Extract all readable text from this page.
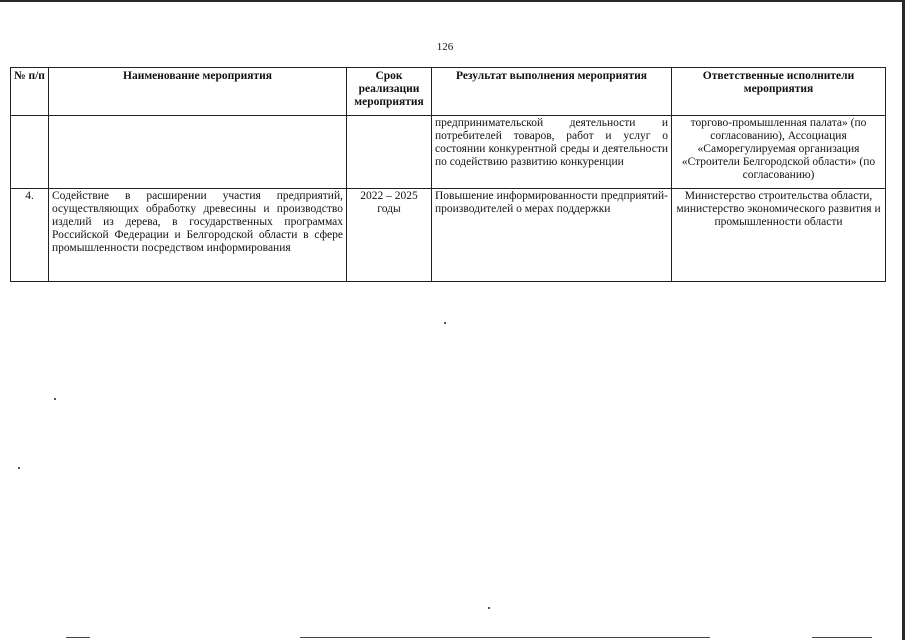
126
№ п/п	Наименование мероприятия	Срок реализации мероприятия	Результат выполнения мероприятия	Ответственные исполнители мероприятия
			предпринимательской деятельности и потребителей товаров, работ и услуг о состоянии конкурентной среды и деятельности по содействию развитию конкуренции	торгово-промышленная палата» (по согласованию), Ассоциация «Саморегулируемая организация «Строители Белгородской области» (по согласованию)
4.	Содействие в расширении участия предприятий, осуществляющих обработку древесины и производство изделий из дерева, в государственных программах Российской Федерации и Белгородской области в сфере промышленности посредством информирования	2022 – 2025 годы	Повышение информированности предприятий-производителей о мерах поддержки	Министерство строительства области, министерство экономического развития и промышленности области
